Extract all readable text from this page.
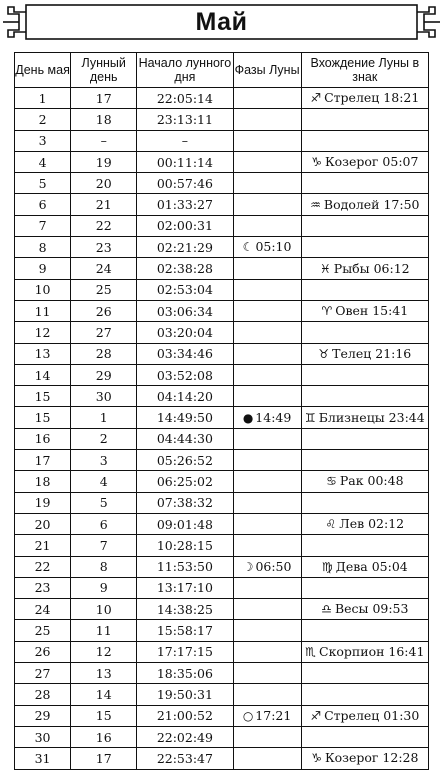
Май
День мая	Лунный день	Начало лунного дня	Фазы Луны	Вхождение Луны в знак
1	17	22:05:14		♐ Стрелец 18:21
2	18	23:13:11		
3	–	–		
4	19	00:11:14		♑ Козерог 05:07
5	20	00:57:46		
6	21	01:33:27		♒ Водолей 17:50
7	22	02:00:31		
8	23	02:21:29	☾ 05:10	
9	24	02:38:28		♓ Рыбы 06:12
10	25	02:53:04		
11	26	03:06:34		♈ Овен 15:41
12	27	03:20:04		
13	28	03:34:46		♉ Телец 21:16
14	29	03:52:08		
15	30	04:14:20		
15	1	14:49:50	● 14:49	♊ Близнецы 23:44
16	2	04:44:30		
17	3	05:26:52		
18	4	06:25:02		♋ Рак 00:48
19	5	07:38:32		
20	6	09:01:48		♌ Лев 02:12
21	7	10:28:15		
22	8	11:53:50	☽ 06:50	♍ Дева 05:04
23	9	13:17:10		
24	10	14:38:25		♎ Весы 09:53
25	11	15:58:17		
26	12	17:17:15		♏ Скорпион 16:41
27	13	18:35:06		
28	14	19:50:31		
29	15	21:00:52	○ 17:21	♐ Стрелец 01:30
30	16	22:02:49		
31	17	22:53:47		♑ Козерог 12:28
